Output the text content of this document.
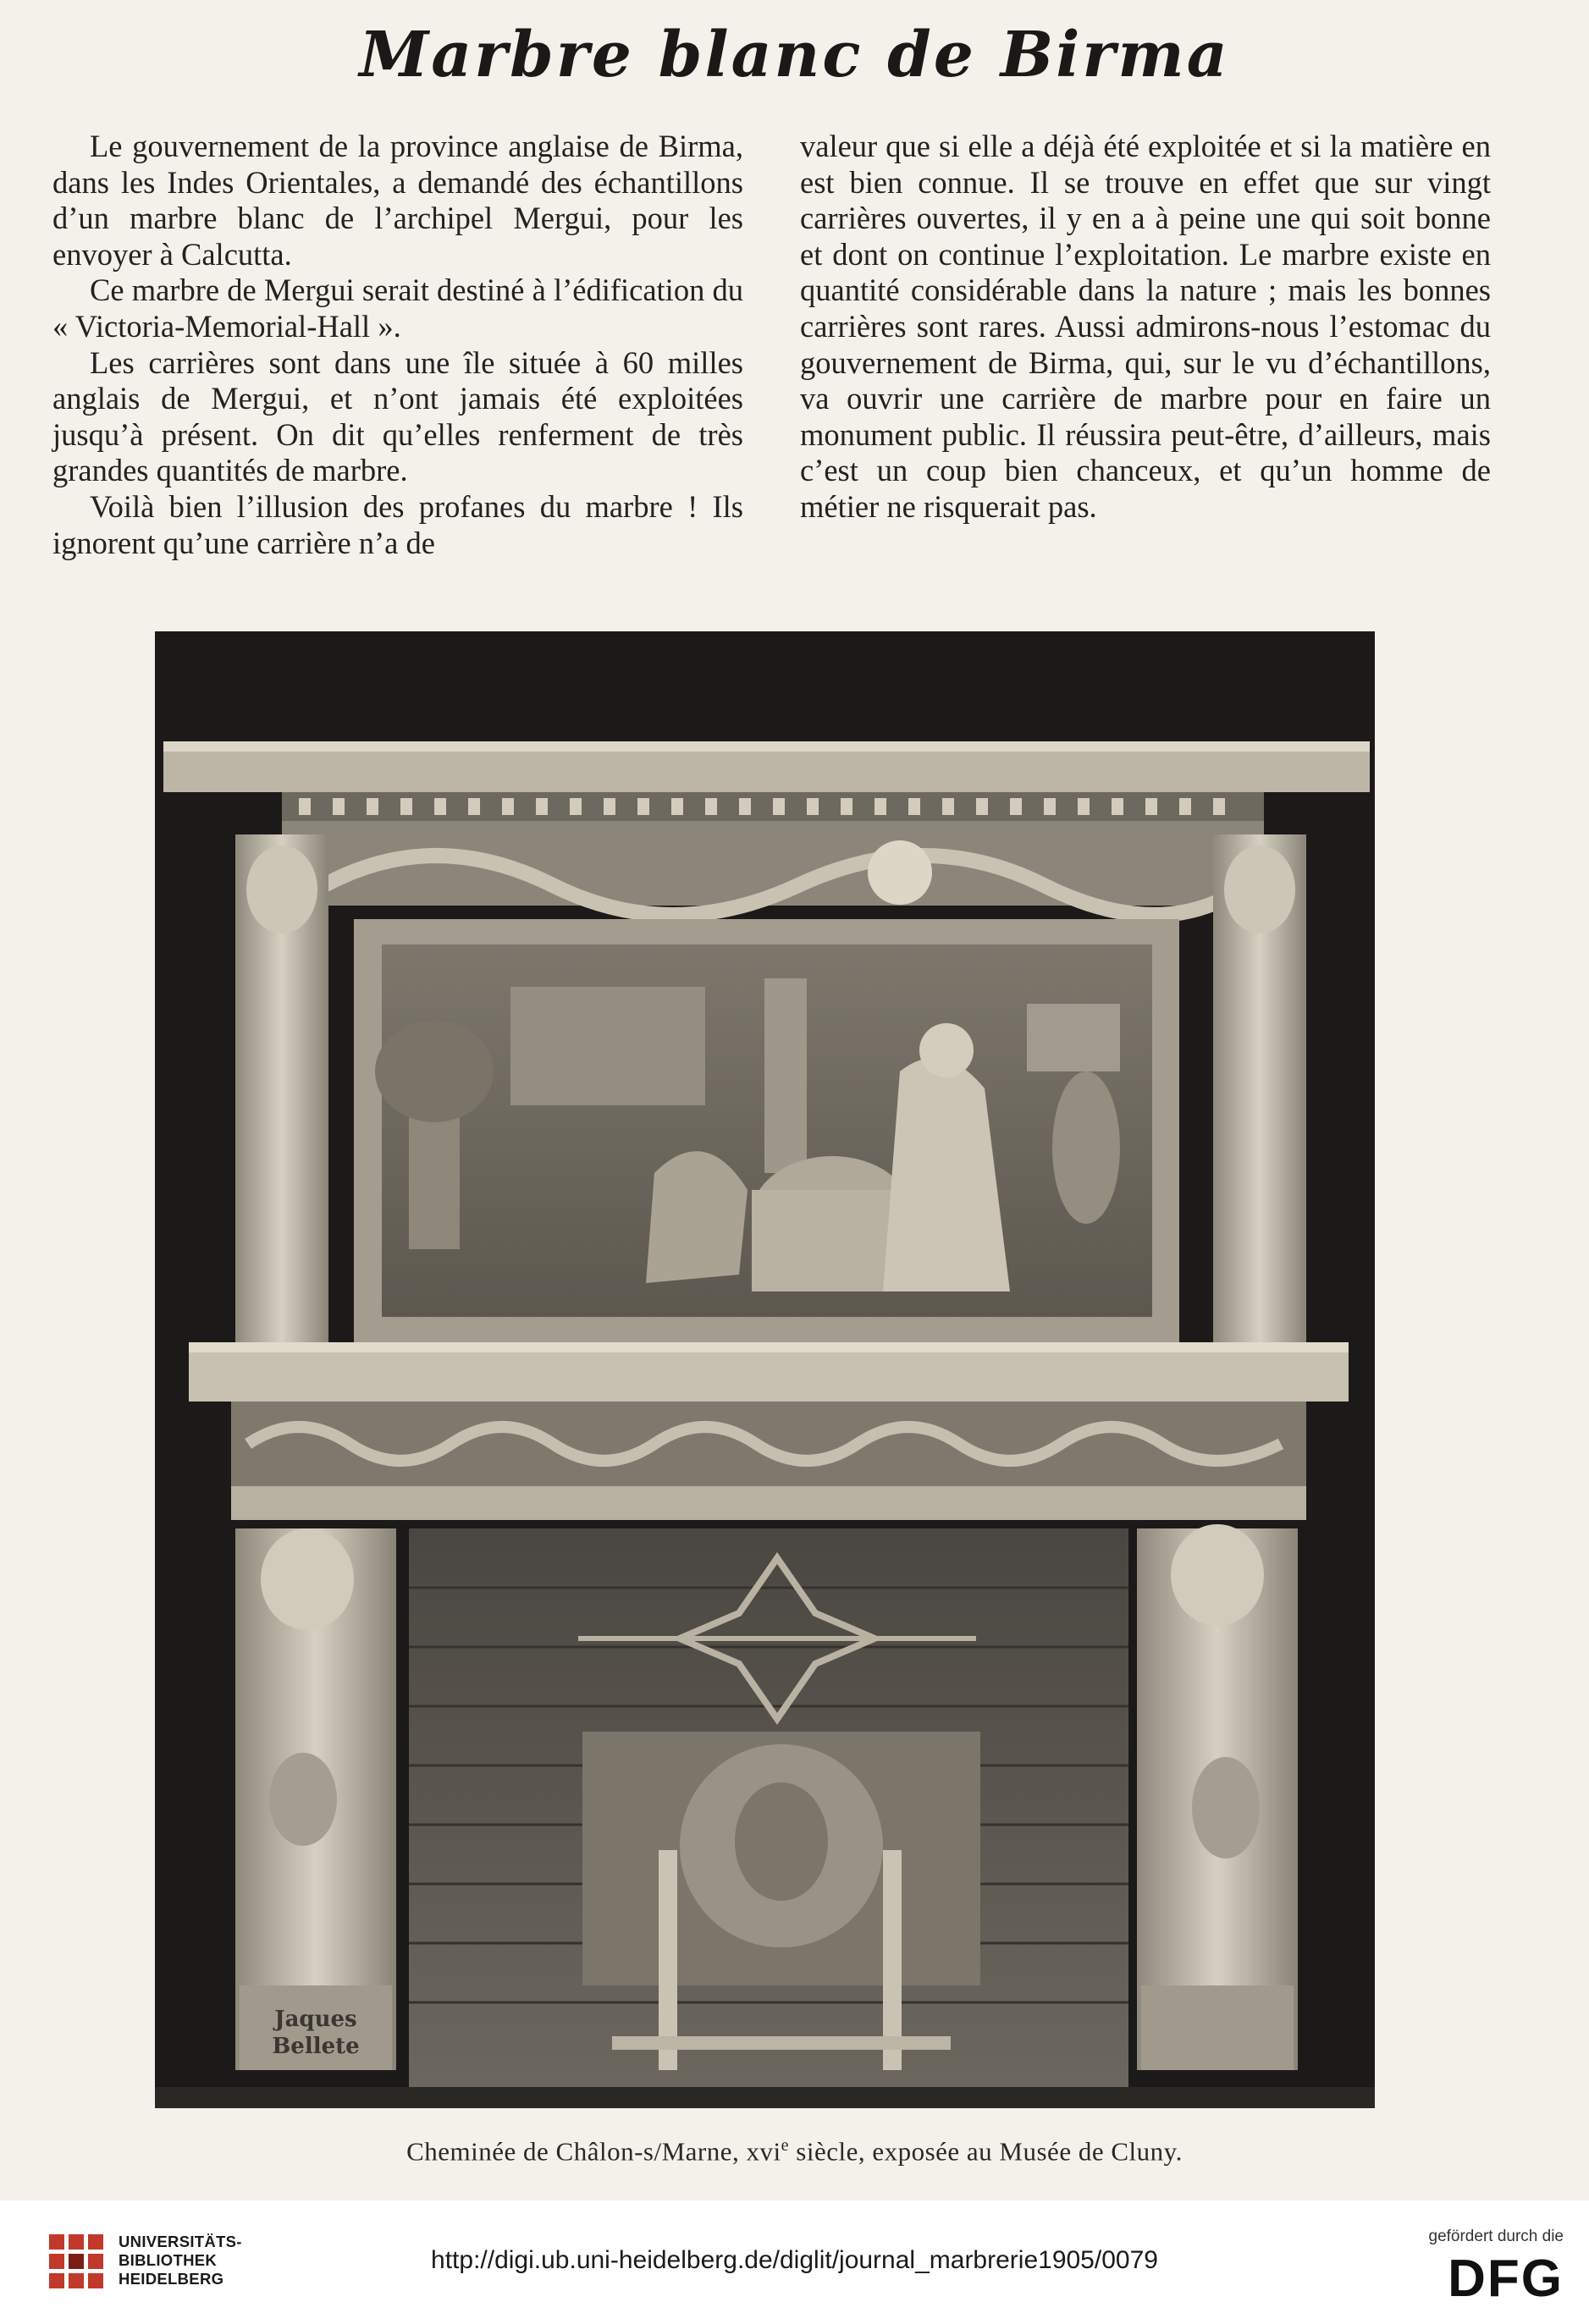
Marbre blanc de Birma

Le gouvernement de la province anglaise de Birma, dans les Indes Orientales, a demandé des échantillons d’un marbre blanc de l’archipel Mergui, pour les envoyer à Calcutta.

Ce marbre de Mergui serait destiné à l’édification du « Victoria-Memorial-Hall ».

Les carrières sont dans une île située à 60 milles anglais de Mergui, et n’ont jamais été exploitées jusqu’à présent. On dit qu’elles renferment de très grandes quantités de marbre.

Voilà bien l’illusion des profanes du marbre ! Ils ignorent qu’une carrière n’a de

valeur que si elle a déjà été exploitée et si la matière en est bien connue. Il se trouve en effet que sur vingt carrières ouvertes, il y en a à peine une qui soit bonne et dont on continue l’exploitation. Le marbre existe en quantité considérable dans la nature ; mais les bonnes carrières sont rares. Aussi admirons-nous l’estomac du gouvernement de Birma, qui, sur le vu d’échantillons, va ouvrir une carrière de marbre pour en faire un monument public. Il réussira peut-être, d’ailleurs, mais c’est un coup bien chanceux, et qu’un homme de métier ne risquerait pas.

Jaques
Bellete
Cheminée de Châlon-s/Marne, xvi$^e$ siècle, exposée au Musée de Cluny.
UNIVERSITÄTS-
BIBLIOTHEK
HEIDELBERG
http://digi.ub.uni-heidelberg.de/diglit/journal_marbrerie1905/0079
gefördert durch die
DFG
